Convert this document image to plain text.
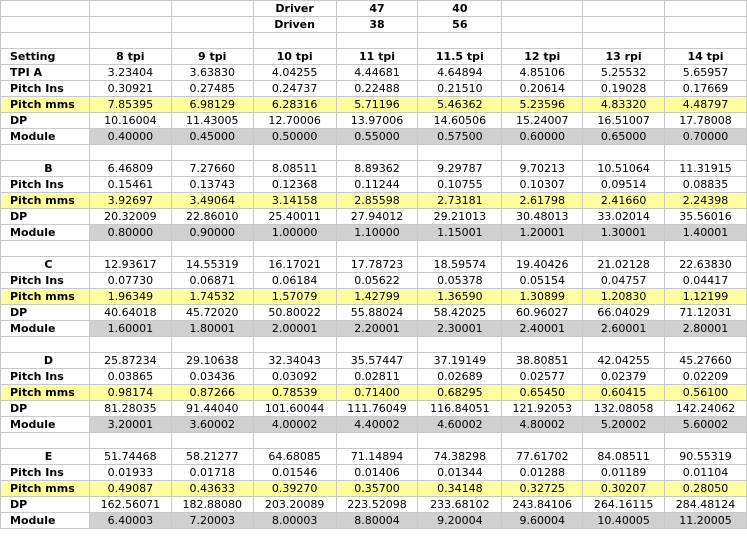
			Driver	47	40			
			Driven	38	56			

Setting	8 tpi	9 tpi	10 tpi	11 tpi	11.5 tpi	12 tpi	13 rpi	14 tpi
TPI A	3.23404	3.63830	4.04255	4.44681	4.64894	4.85106	5.25532	5.65957
Pitch Ins	0.30921	0.27485	0.24737	0.22488	0.21510	0.20614	0.19028	0.17669
Pitch mms	7.85395	6.98129	6.28316	5.71196	5.46362	5.23596	4.83320	4.48797
DP	10.16004	11.43005	12.70006	13.97006	14.60506	15.24007	16.51007	17.78008
Module	0.40000	0.45000	0.50000	0.55000	0.57500	0.60000	0.65000	0.70000

B	6.46809	7.27660	8.08511	8.89362	9.29787	9.70213	10.51064	11.31915
Pitch Ins	0.15461	0.13743	0.12368	0.11244	0.10755	0.10307	0.09514	0.08835
Pitch mms	3.92697	3.49064	3.14158	2.85598	2.73181	2.61798	2.41660	2.24398
DP	20.32009	22.86010	25.40011	27.94012	29.21013	30.48013	33.02014	35.56016
Module	0.80000	0.90000	1.00000	1.10000	1.15001	1.20001	1.30001	1.40001

C	12.93617	14.55319	16.17021	17.78723	18.59574	19.40426	21.02128	22.63830
Pitch Ins	0.07730	0.06871	0.06184	0.05622	0.05378	0.05154	0.04757	0.04417
Pitch mms	1.96349	1.74532	1.57079	1.42799	1.36590	1.30899	1.20830	1.12199
DP	40.64018	45.72020	50.80022	55.88024	58.42025	60.96027	66.04029	71.12031
Module	1.60001	1.80001	2.00001	2.20001	2.30001	2.40001	2.60001	2.80001

D	25.87234	29.10638	32.34043	35.57447	37.19149	38.80851	42.04255	45.27660
Pitch Ins	0.03865	0.03436	0.03092	0.02811	0.02689	0.02577	0.02379	0.02209
Pitch mms	0.98174	0.87266	0.78539	0.71400	0.68295	0.65450	0.60415	0.56100
DP	81.28035	91.44040	101.60044	111.76049	116.84051	121.92053	132.08058	142.24062
Module	3.20001	3.60002	4.00002	4.40002	4.60002	4.80002	5.20002	5.60002

E	51.74468	58.21277	64.68085	71.14894	74.38298	77.61702	84.08511	90.55319
Pitch Ins	0.01933	0.01718	0.01546	0.01406	0.01344	0.01288	0.01189	0.01104
Pitch mms	0.49087	0.43633	0.39270	0.35700	0.34148	0.32725	0.30207	0.28050
DP	162.56071	182.88080	203.20089	223.52098	233.68102	243.84106	264.16115	284.48124
Module	6.40003	7.20003	8.00003	8.80004	9.20004	9.60004	10.40005	11.20005
